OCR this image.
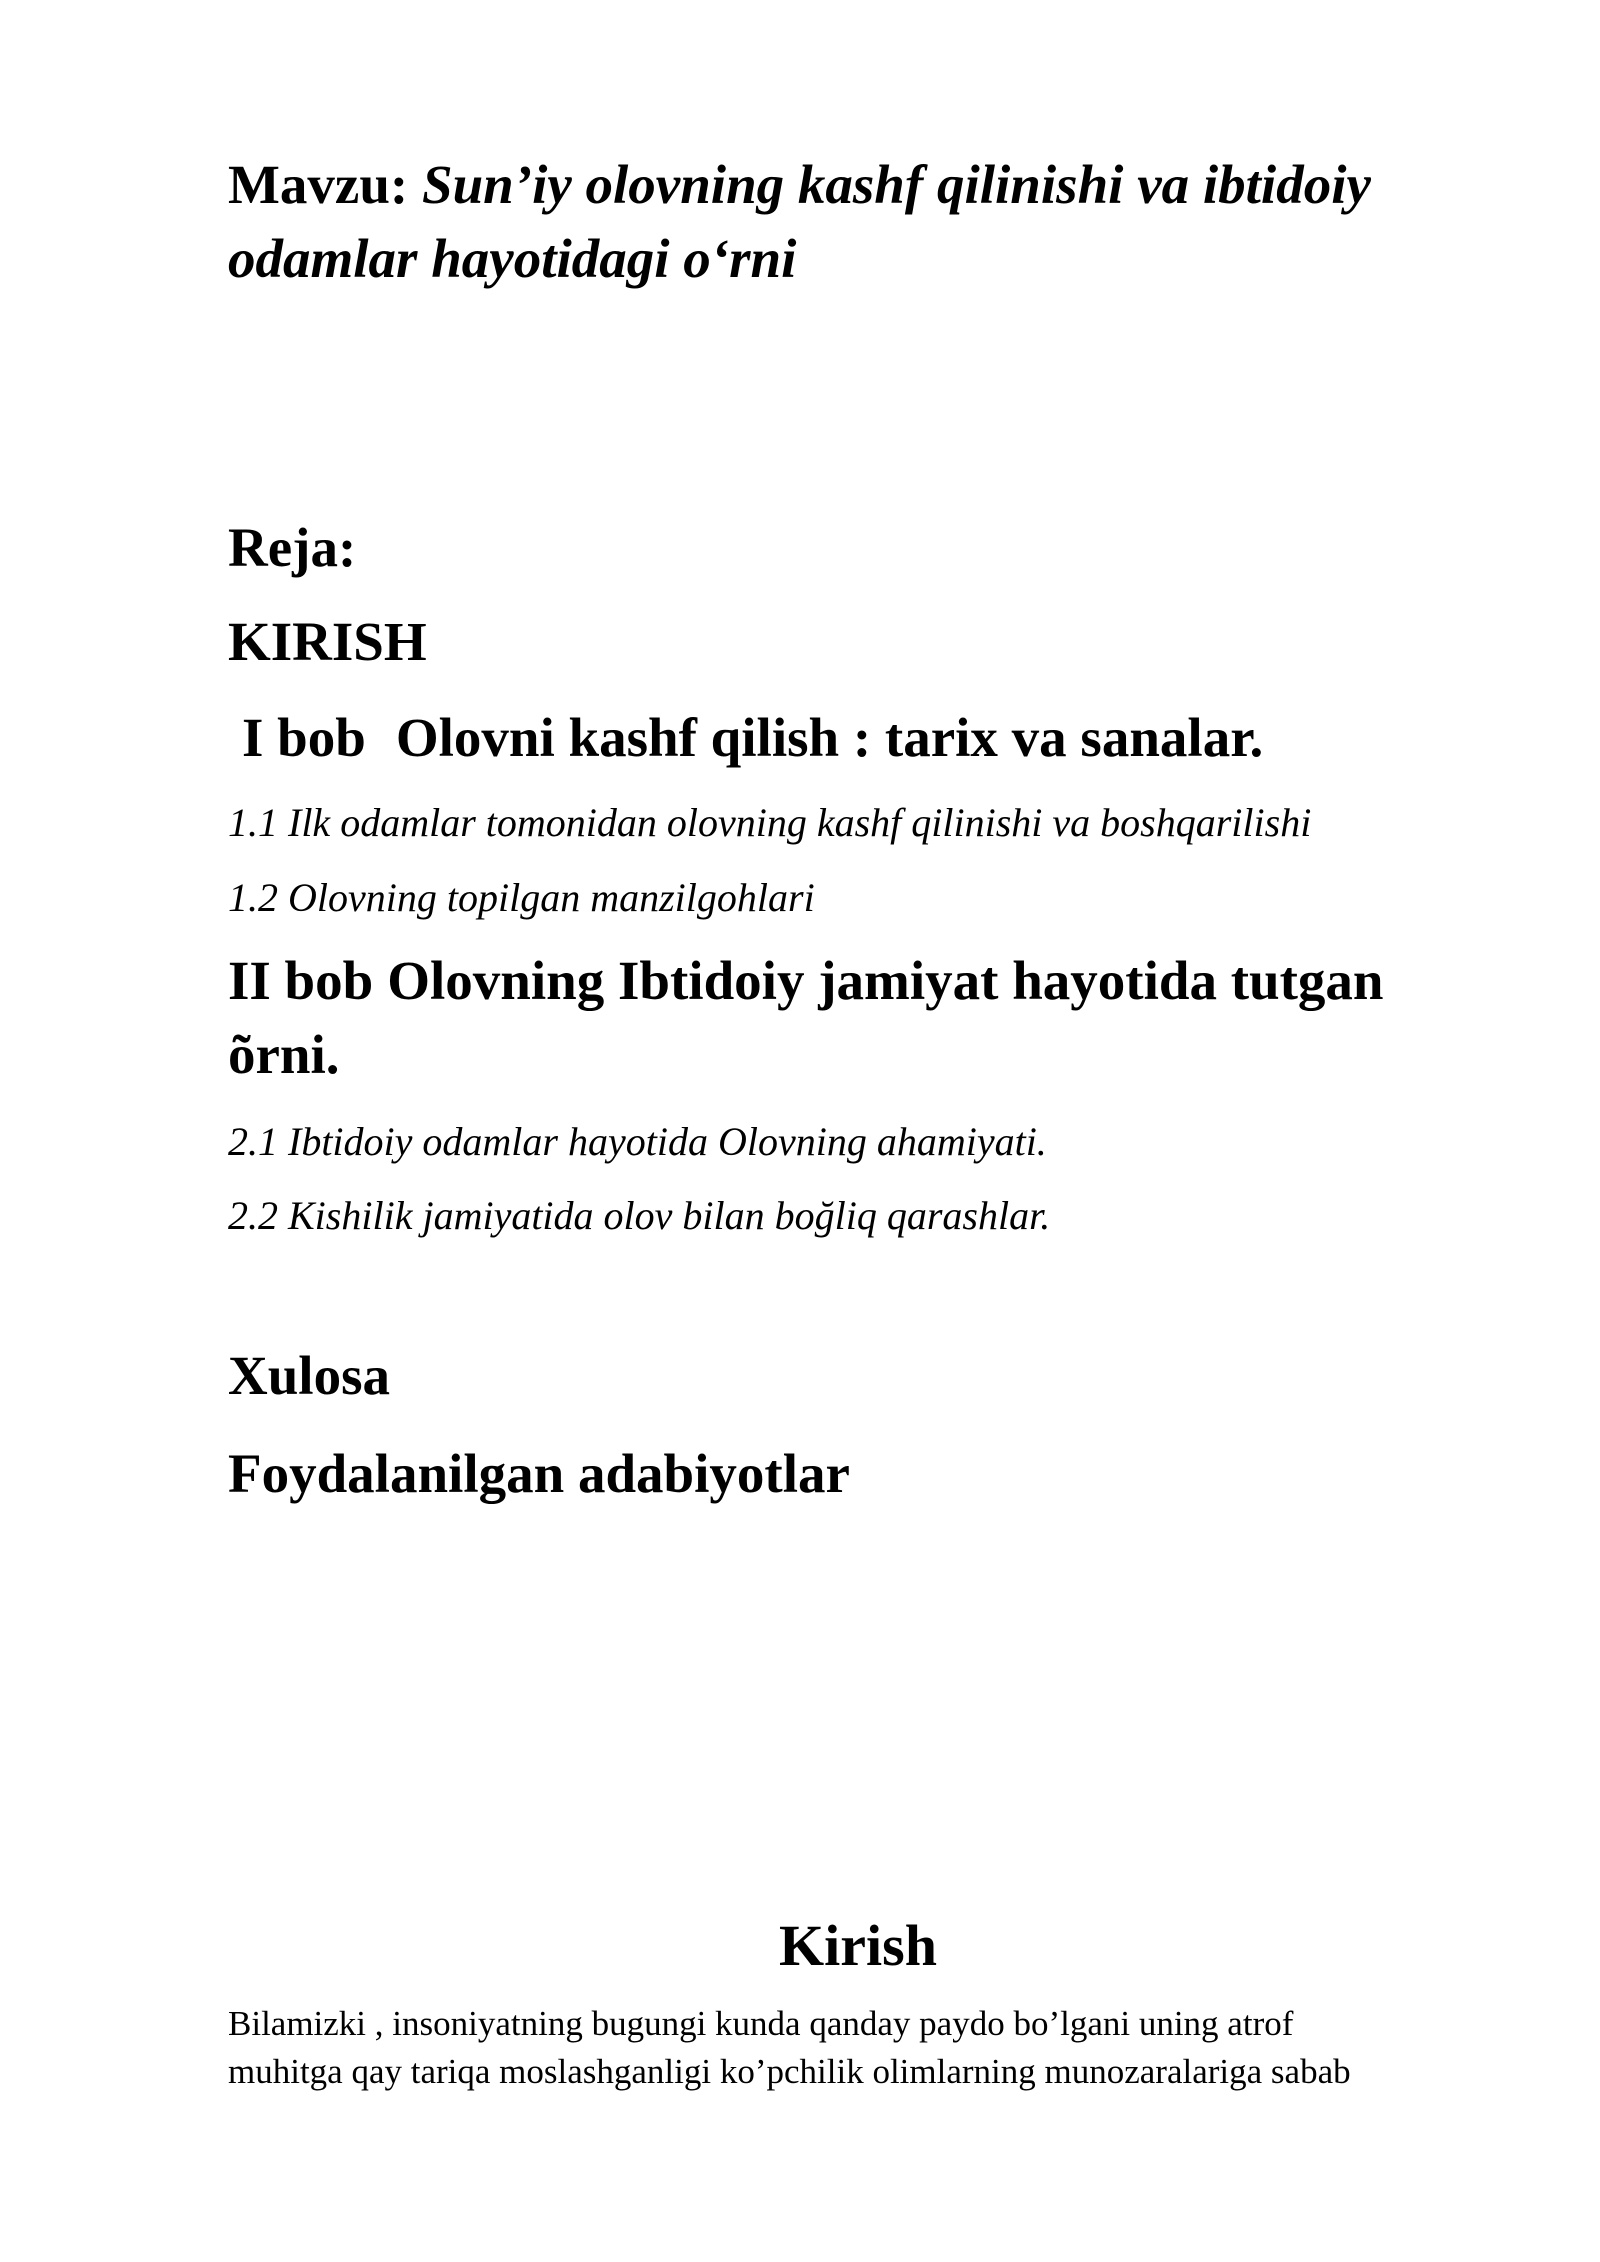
Mavzu: Sun’iy olovning kashf qilinishi va ibtidoiy
odamlar hayotidagi o‘rni
Reja:
KIRISH
I bob Olovni kashf qilish : tarix va sanalar.
1.1 Ilk odamlar tomonidan olovning kashf qilinishi va boshqarilishi
1.2 Olovning topilgan manzilgohlari
II bob Olovning Ibtidoiy jamiyat hayotida tutgan
õrni.
2.1 Ibtidoiy odamlar hayotida Olovning ahamiyati.
2.2 Kishilik jamiyatida olov bilan boğliq qarashlar.
Xulosa
Foydalanilgan adabiyotlar
Kirish

Bilamizki , insoniyatning bugungi kunda qanday paydo bo’lgani uning atrof
muhitga qay tariqa moslashganligi ko’pchilik olimlarning munozaralariga sabab
